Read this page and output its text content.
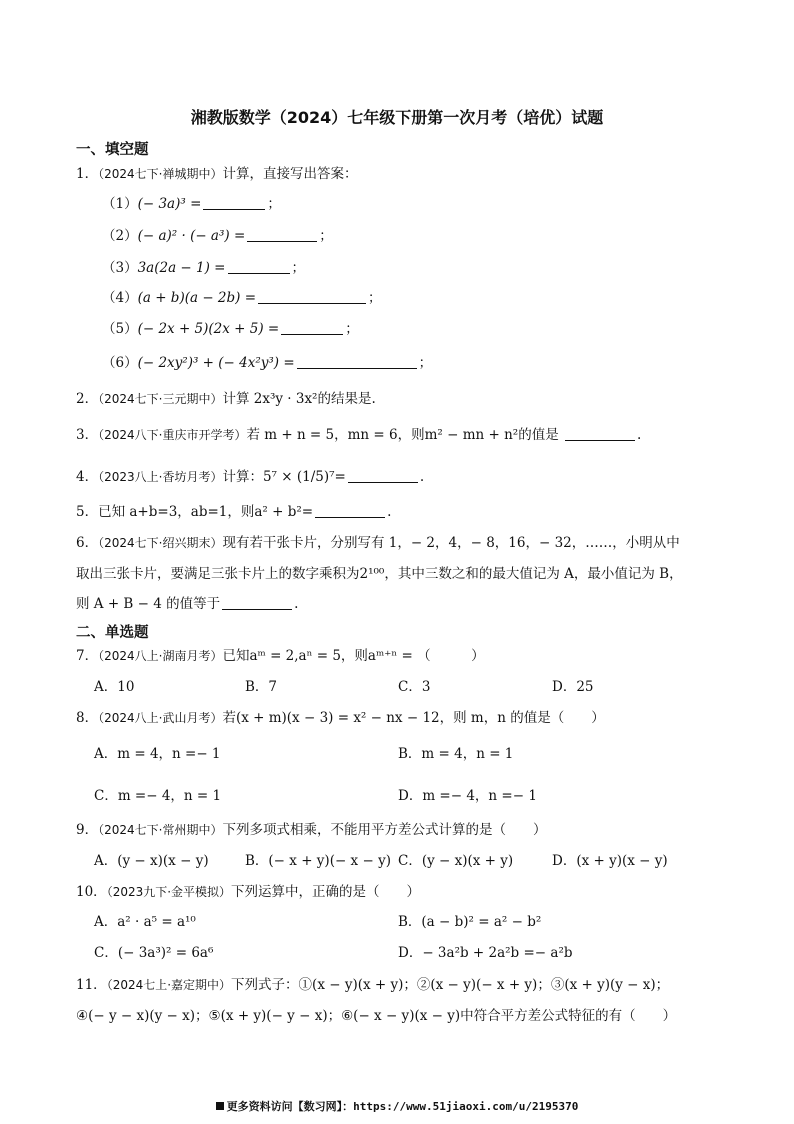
湘教版数学（2024）七年级下册第一次月考（培优）试题
一、填空题
1．（2024七下·禅城期中）计算，直接写出答案：
（1）(− 3a)³ =	；
（2）(− a)² · (− a³) =	；
（3）3a(2a − 1) =	；
（4）(a + b)(a − 2b) =	；
（5）(− 2x + 5)(2x + 5) =	；
（6）(− 2xy²)³ + (− 4x²y³) =	；
2．（2024七下·三元期中）计算 2x³y · 3x²的结果是.
3．（2024八下·重庆市开学考）若 m + n = 5，mn = 6，则m² − mn + n²的值是	.
4．（2023八上·香坊月考）计算：5⁷ × (1/5)⁷=	.
5．已知 a+b=3，ab=1，则a² + b²=	.
6．（2024七下·绍兴期末）现有若干张卡片，分别写有 1，− 2，4，− 8，16，− 32，……，小明从中
取出三张卡片，要满足三张卡片上的数字乘积为2¹⁰⁰，其中三数之和的最大值记为 A，最小值记为 B，
则 A + B − 4 的值等于	.
二、单选题
7．（2024八上·湖南月考）已知aᵐ = 2,aⁿ = 5，则aᵐ⁺ⁿ = （　　　）
A．10	B．7	C．3	D．25
8．（2024八上·武山月考）若(x + m)(x − 3) = x² − nx − 12，则 m，n 的值是（　　）
A．m = 4，n =− 1	B．m = 4，n = 1
C．m =− 4，n = 1	D．m =− 4，n =− 1
9．（2024七下·常州期中）下列多项式相乘，不能用平方差公式计算的是（　　）
A．(y − x)(x − y)	B．(− x + y)(− x − y) C．(y − x)(x + y)	D．(x + y)(x − y)
10．（2023九下·金平模拟）下列运算中，正确的是（　　）
A．a² · a⁵ = a¹⁰	B．(a − b)² = a² − b²
C．(− 3a³)² = 6a⁶	D．− 3a²b + 2a²b =− a²b
11．（2024七上·嘉定期中）下列式子：①(x − y)(x + y)；②(x − y)(− x + y)；③(x + y)(y − x)；
④(− y − x)(y − x)；⑤(x + y)(− y − x)；⑥(− x − y)(x − y)中符合平方差公式特征的有（　　）
更多资料访问【数习网】：https://www.51jiaoxi.com/u/2195370
